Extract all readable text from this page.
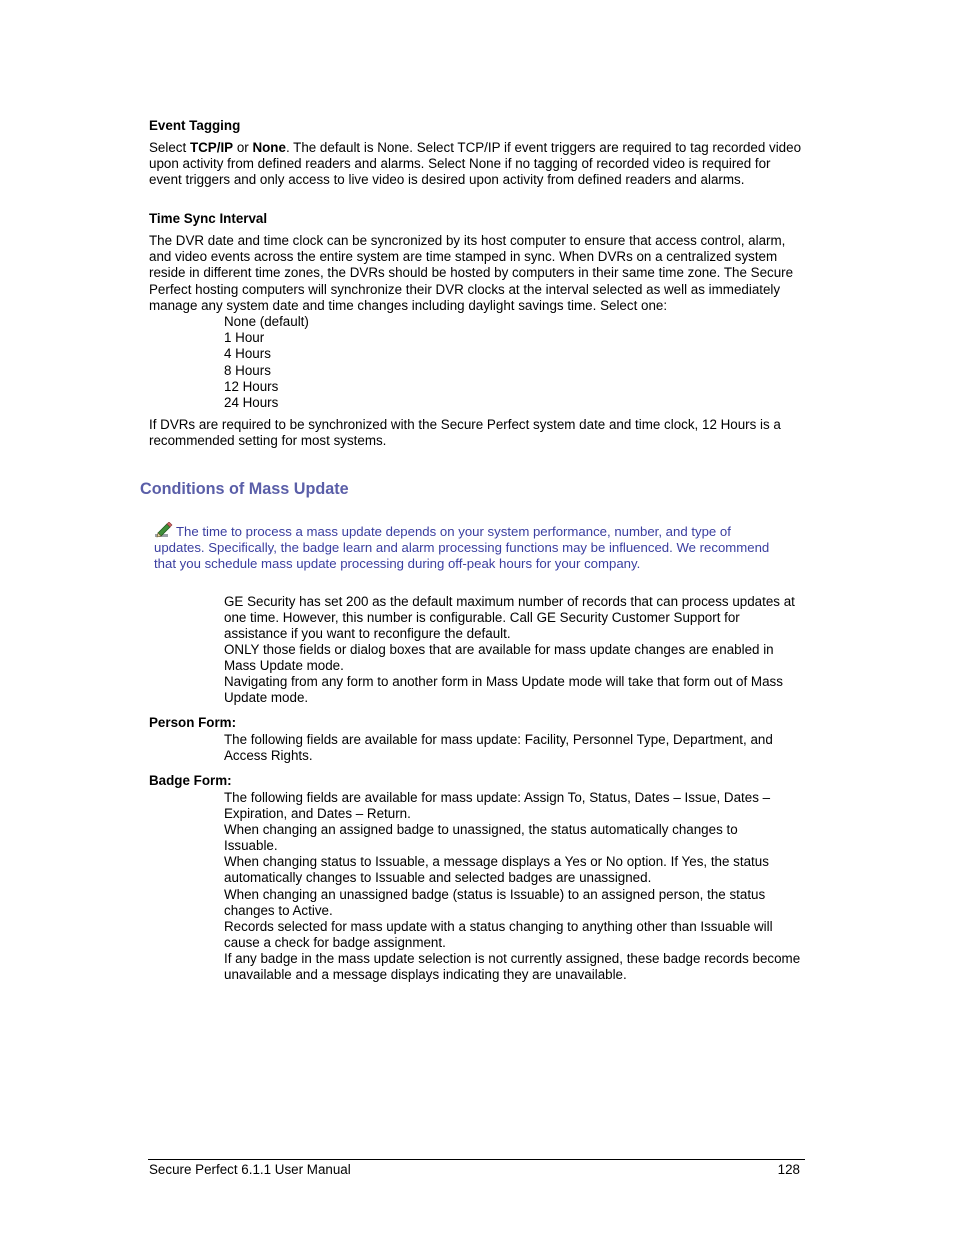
Event Tagging

Select TCP/IP or None. The default is None. Select TCP/IP if event triggers are required to tag recorded video upon activity from defined readers and alarms. Select None if no tagging of recorded video is required for event triggers and only access to live video is desired upon activity from defined readers and alarms.

Time Sync Interval

The DVR date and time clock can be syncronized by its host computer to ensure that access control, alarm, and video events across the entire system are time stamped in sync. When DVRs on a centralized system reside in different time zones, the DVRs should be hosted by computers in their same time zone. The Secure Perfect hosting computers will synchronize their DVR clocks at the interval selected as well as immediately manage any system date and time changes including daylight savings time. Select one:

None (default)
1 Hour
4 Hours
8 Hours
12 Hours
24 Hours

If DVRs are required to be synchronized with the Secure Perfect system date and time clock, 12 Hours is a recommended setting for most systems.

Conditions of Mass Update

The time to process a mass update depends on your system performance, number, and type of updates. Specifically, the badge learn and alarm processing functions may be influenced. We recommend that you schedule mass update processing during off-peak hours for your company.

GE Security has set 200 as the default maximum number of records that can process updates at one time. However, this number is configurable. Call GE Security Customer Support for assistance if you want to reconfigure the default.

ONLY those fields or dialog boxes that are available for mass update changes are enabled in Mass Update mode.

Navigating from any form to another form in Mass Update mode will take that form out of Mass Update mode.

Person Form:

The following fields are available for mass update: Facility, Personnel Type, Department, and Access Rights.

Badge Form:

The following fields are available for mass update: Assign To, Status, Dates – Issue, Dates – Expiration, and Dates – Return.

When changing an assigned badge to unassigned, the status automatically changes to Issuable.

When changing status to Issuable, a message displays a Yes or No option. If Yes, the status automatically changes to Issuable and selected badges are unassigned.

When changing an unassigned badge (status is Issuable) to an assigned person, the status changes to Active.

Records selected for mass update with a status changing to anything other than Issuable will cause a check for badge assignment.

If any badge in the mass update selection is not currently assigned, these badge records become unavailable and a message displays indicating they are unavailable.

Secure Perfect 6.1.1 User Manual	128
